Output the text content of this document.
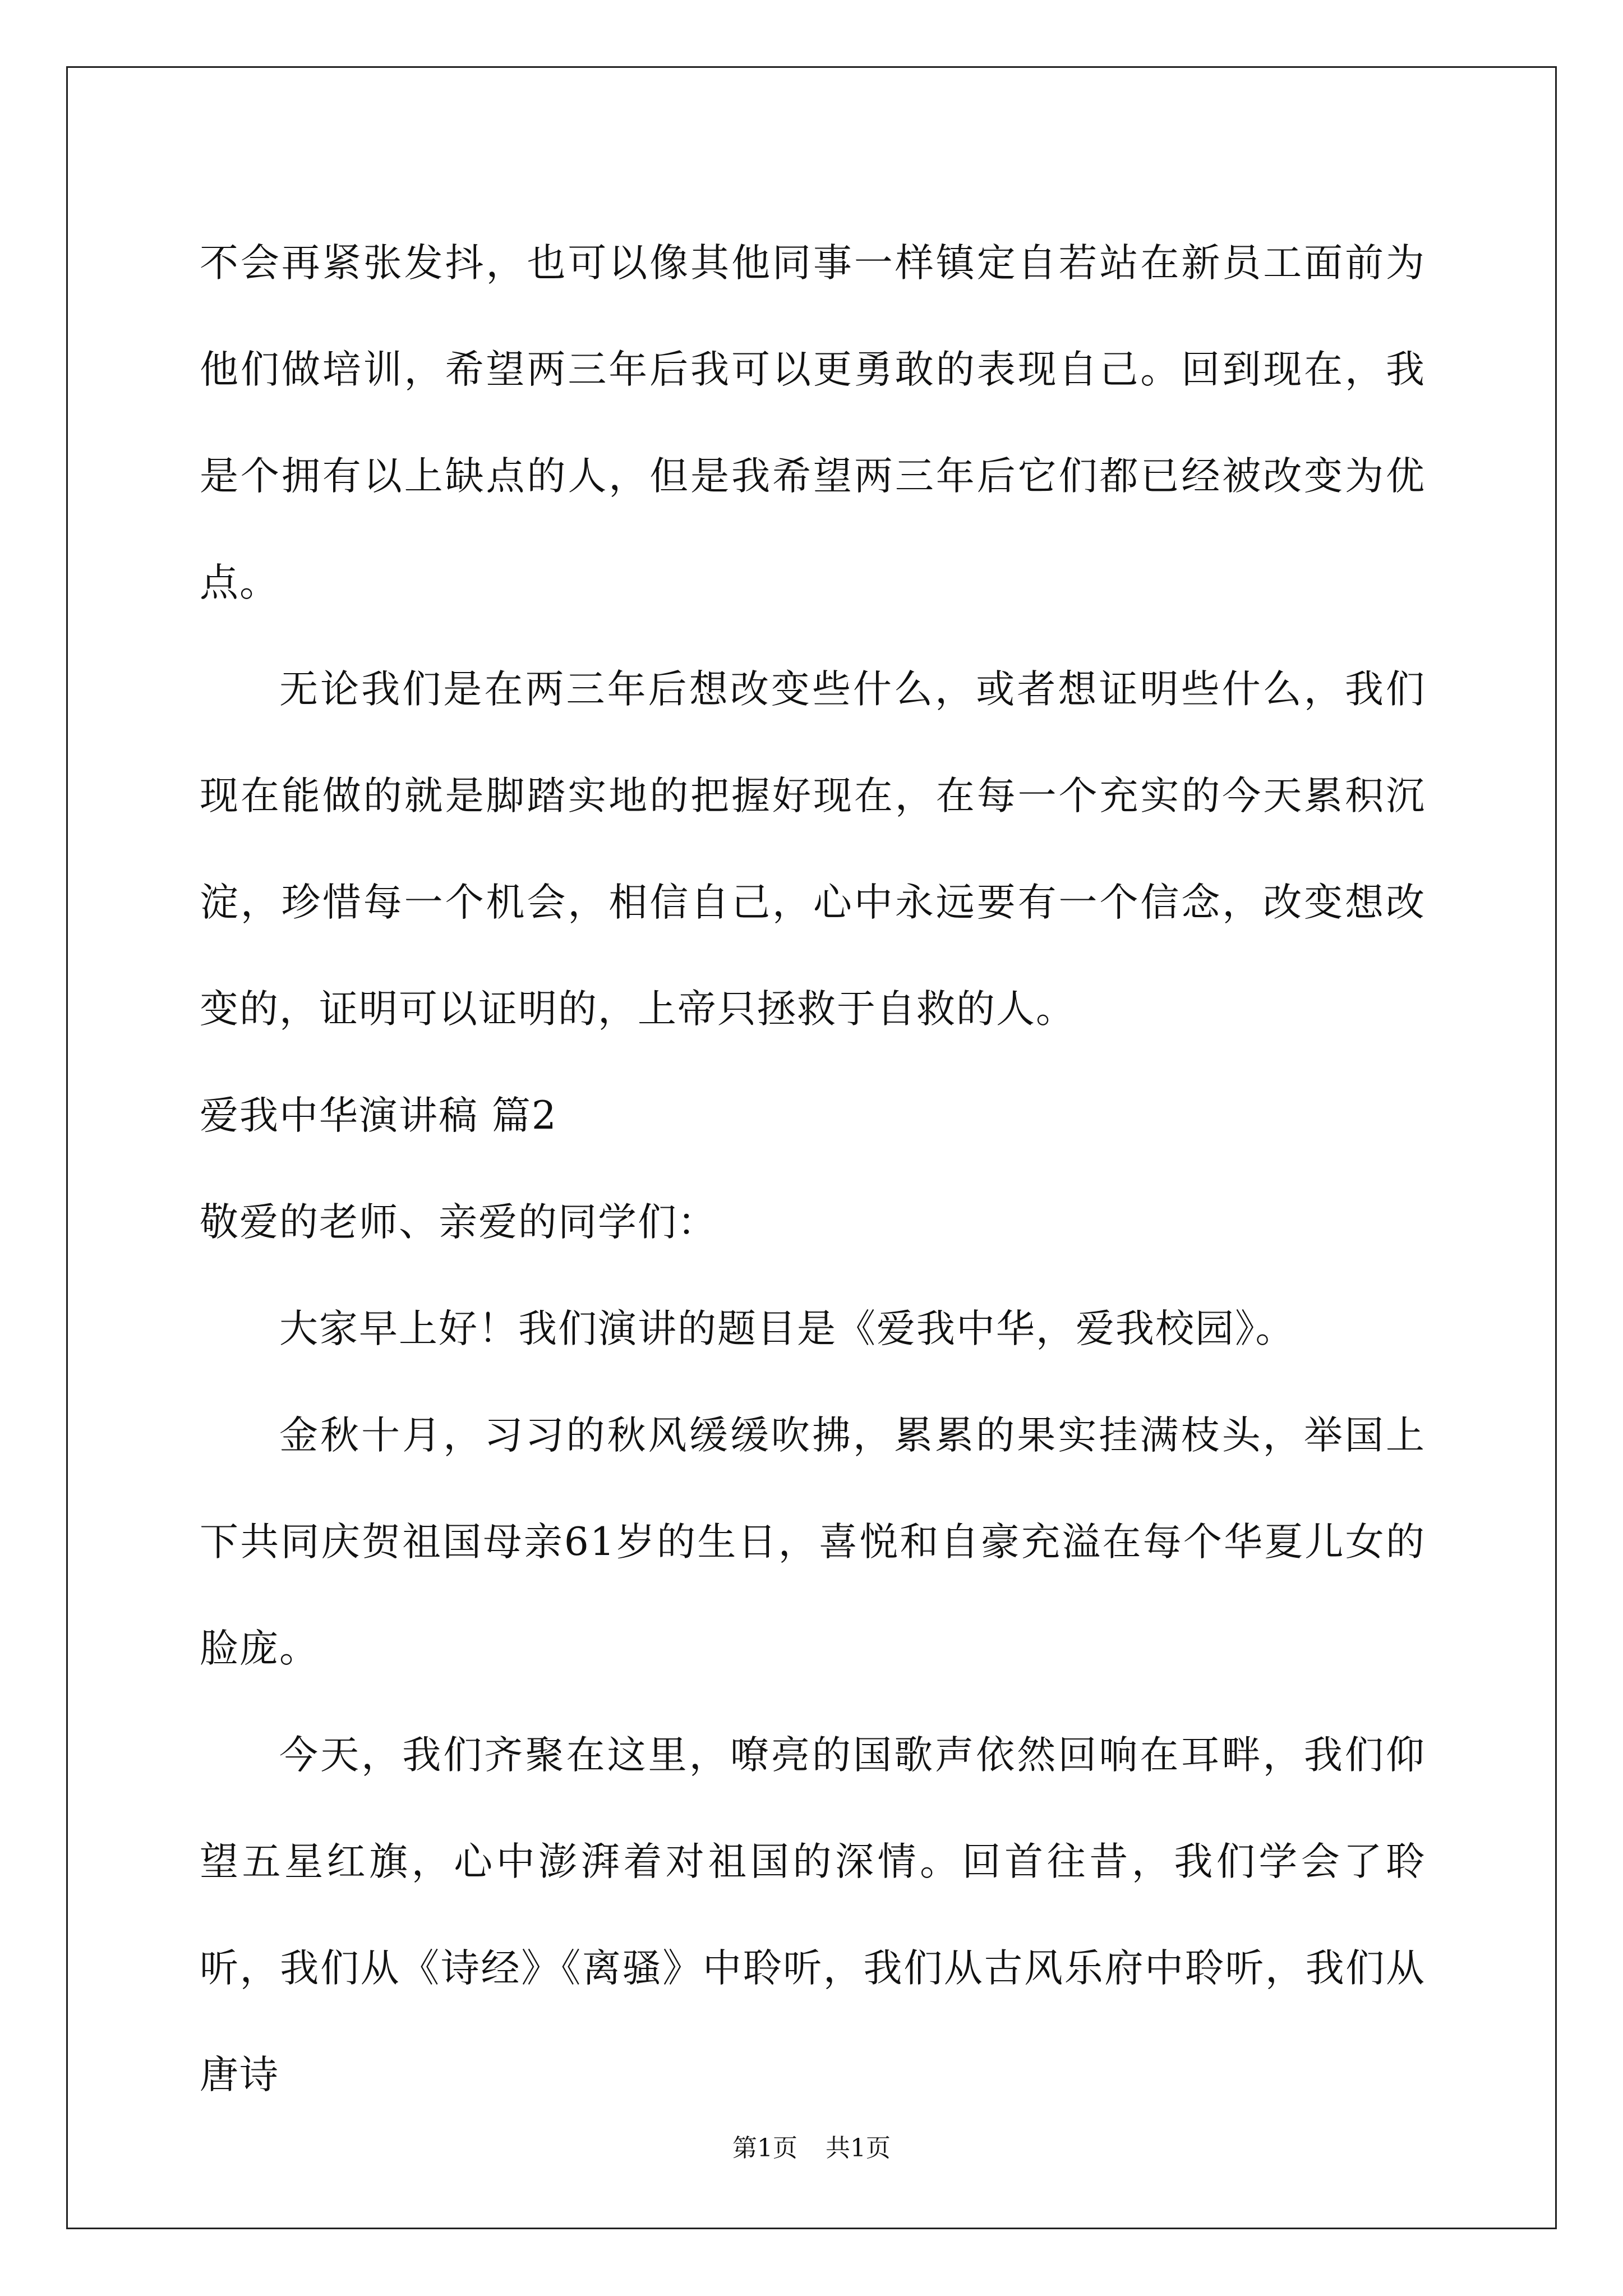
不会再紧张发抖，也可以像其他同事一样镇定自若站在新员工面前为他们做培训，希望两三年后我可以更勇敢的表现自己。回到现在，我是个拥有以上缺点的人，但是我希望两三年后它们都已经被改变为优点。

无论我们是在两三年后想改变些什么，或者想证明些什么，我们现在能做的就是脚踏实地的把握好现在，在每一个充实的今天累积沉淀，珍惜每一个机会，相信自己，心中永远要有一个信念，改变想改变的，证明可以证明的，上帝只拯救于自救的人。

爱我中华演讲稿 篇2

敬爱的老师、亲爱的同学们：

大家早上好！我们演讲的题目是《爱我中华，爱我校园》。

金秋十月，习习的秋风缓缓吹拂，累累的果实挂满枝头，举国上下共同庆贺祖国母亲61岁的生日，喜悦和自豪充溢在每个华夏儿女的脸庞。

今天，我们齐聚在这里，嘹亮的国歌声依然回响在耳畔，我们仰望五星红旗，心中澎湃着对祖国的深情。回首往昔，我们学会了聆听，我们从《诗经》《离骚》中聆听，我们从古风乐府中聆听，我们从唐诗

第1页 共1页
